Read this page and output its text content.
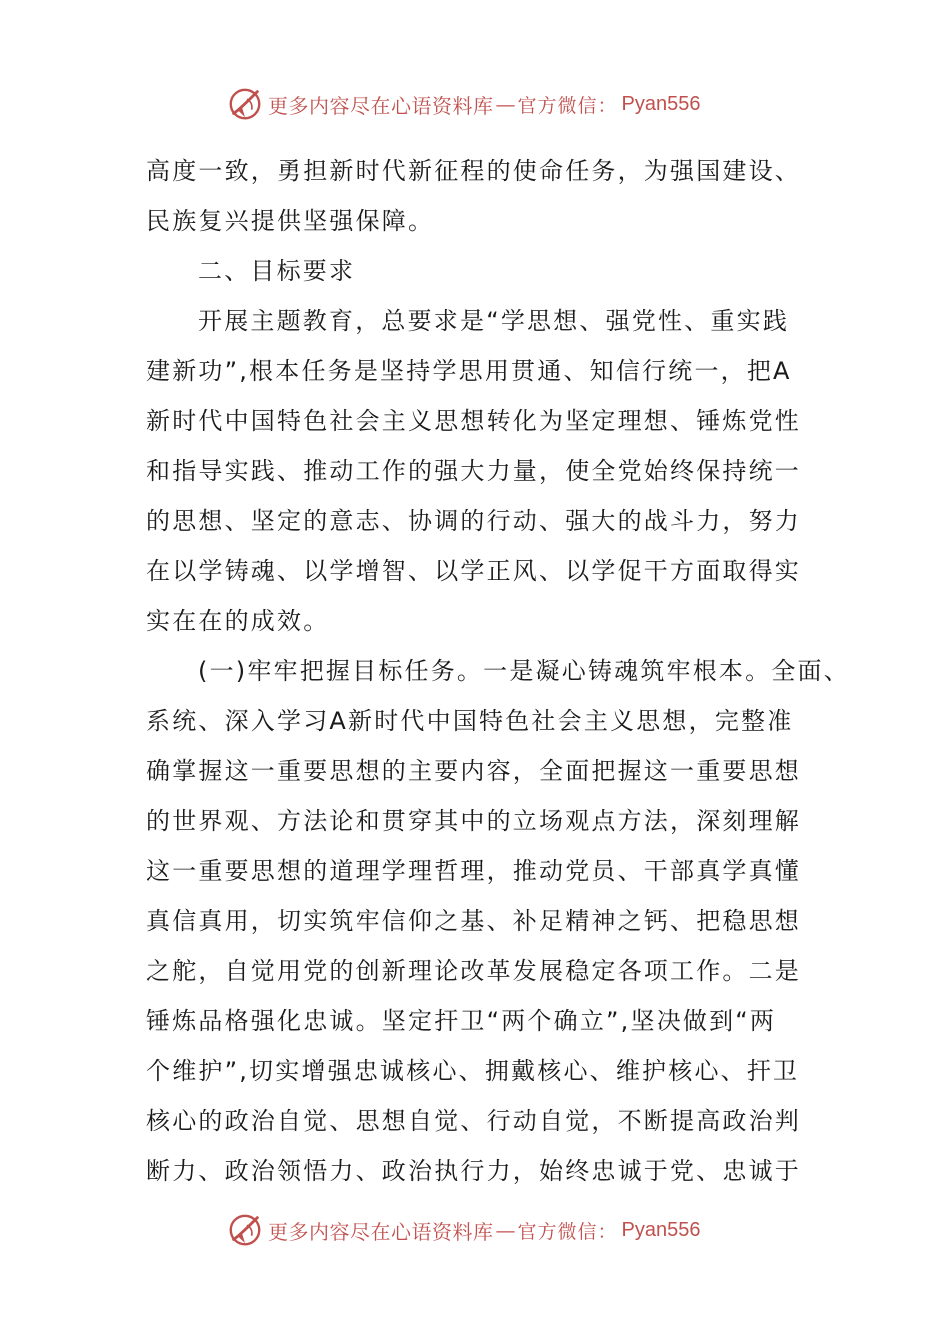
更多内容尽在心语资料库 — 官方微信： Pyan556
高度一致，勇担新时代新征程的使命任务，为强国建设、
民族复兴提供坚强保障。
二、目标要求
开展主题教育，总要求是“学思想、强党性、重实践
建新功”,根本任务是坚持学思用贯通、知信行统一，把A
新时代中国特色社会主义思想转化为坚定理想、锤炼党性
和指导实践、推动工作的强大力量，使全党始终保持统一
的思想、坚定的意志、协调的行动、强大的战斗力，努力
在以学铸魂、以学增智、以学正风、以学促干方面取得实
实在在的成效。
(一)牢牢把握目标任务。一是凝心铸魂筑牢根本。全面、
系统、深入学习A新时代中国特色社会主义思想，完整准
确掌握这一重要思想的主要内容，全面把握这一重要思想
的世界观、方法论和贯穿其中的立场观点方法，深刻理解
这一重要思想的道理学理哲理，推动党员、干部真学真懂
真信真用，切实筑牢信仰之基、补足精神之钙、把稳思想
之舵，自觉用党的创新理论改革发展稳定各项工作。二是
锤炼品格强化忠诚。坚定扞卫“两个确立”,坚决做到“两
个维护”,切实增强忠诚核心、拥戴核心、维护核心、扞卫
核心的政治自觉、思想自觉、行动自觉，不断提高政治判
断力、政治领悟力、政治执行力，始终忠诚于党、忠诚于
更多内容尽在心语资料库 — 官方微信： Pyan556
